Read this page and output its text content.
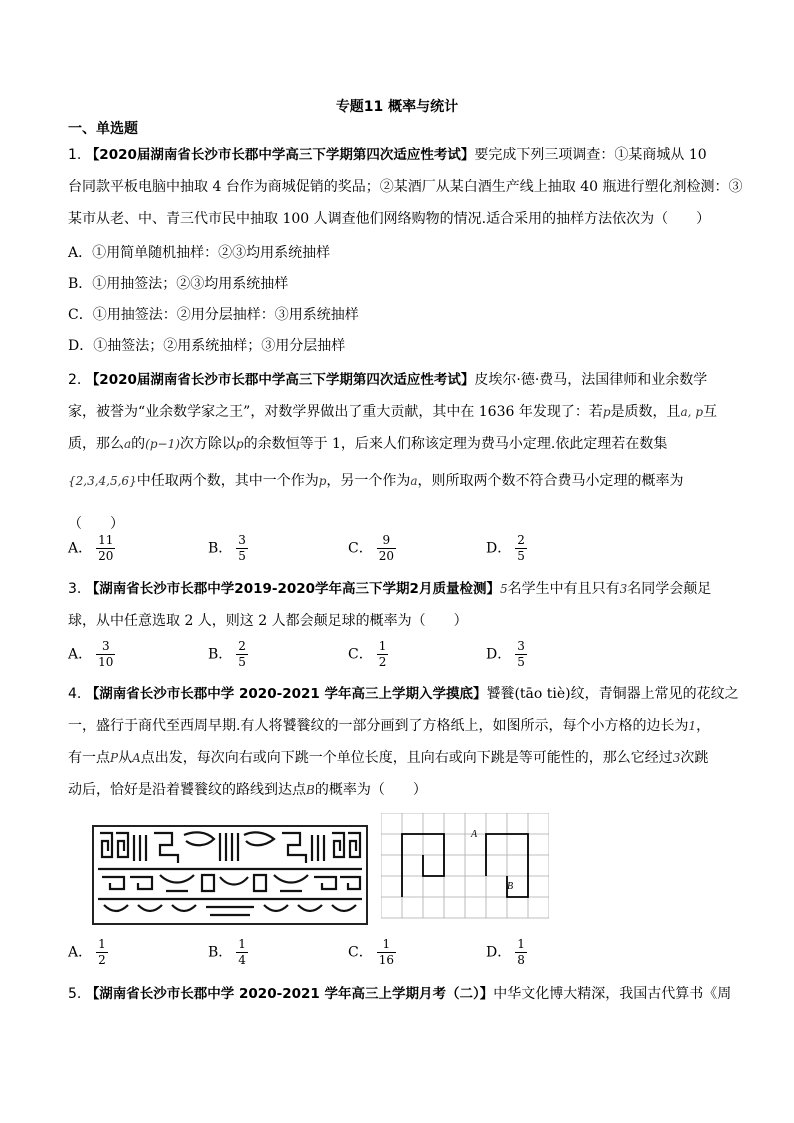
专题11 概率与统计
一、单选题
1. 【2020届湖南省长沙市长郡中学高三下学期第四次适应性考试】要完成下列三项调查：①某商城从 10
台同款平板电脑中抽取 4 台作为商城促销的奖品；②某酒厂从某白酒生产线上抽取 40 瓶进行塑化剂检测：③
某市从老、中、青三代市民中抽取 100 人调查他们网络购物的情况.适合采用的抽样方法依次为（　　）
A．①用简单随机抽样：②③均用系统抽样
B．①用抽签法；②③均用系统抽样
C．①用抽签法：②用分层抽样：③用系统抽样
D．①抽签法；②用系统抽样；③用分层抽样
2. 【2020届湖南省长沙市长郡中学高三下学期第四次适应性考试】皮埃尔·德·费马，法国律师和业余数学
家，被誉为“业余数学家之王”，对数学界做出了重大贡献，其中在 1636 年发现了：若p是质数，且a, p互
质，那么a的(p−1)次方除以p的余数恒等于 1，后来人们称该定理为费马小定理.依此定理若在数集
{2,3,4,5,6}中任取两个数，其中一个作为p，另一个作为a，则所取两个数不符合费马小定理的概率为
（　　）
A． $\frac{11}{20}$	B． $\frac{3}{5}$	C． $\frac{9}{20}$	D． $\frac{2}{5}$
3. 【湖南省长沙市长郡中学2019-2020学年高三下学期2月质量检测】5名学生中有且只有3名同学会颠足
球，从中任意选取 2 人，则这 2 人都会颠足球的概率为（　　）
A． $\frac{3}{10}$	B． $\frac{2}{5}$	C． $\frac{1}{2}$	D． $\frac{3}{5}$
4. 【湖南省长沙市长郡中学 2020-2021 学年高三上学期入学摸底】饕餮(tāo tiè)纹，青铜器上常见的花纹之
一，盛行于商代至西周早期.有人将饕餮纹的一部分画到了方格纸上，如图所示，每个小方格的边长为1，
有一点P从A点出发，每次向右或向下跳一个单位长度，且向右或向下跳是等可能性的，那么它经过3次跳
动后，恰好是沿着饕餮纹的路线到达点B的概率为（　　）
A
B
A． $\frac{1}{2}$	B． $\frac{1}{4}$	C． $\frac{1}{16}$	D． $\frac{1}{8}$
5. 【湖南省长沙市长郡中学 2020-2021 学年高三上学期月考（二）】中华文化博大精深，我国古代算书《周
